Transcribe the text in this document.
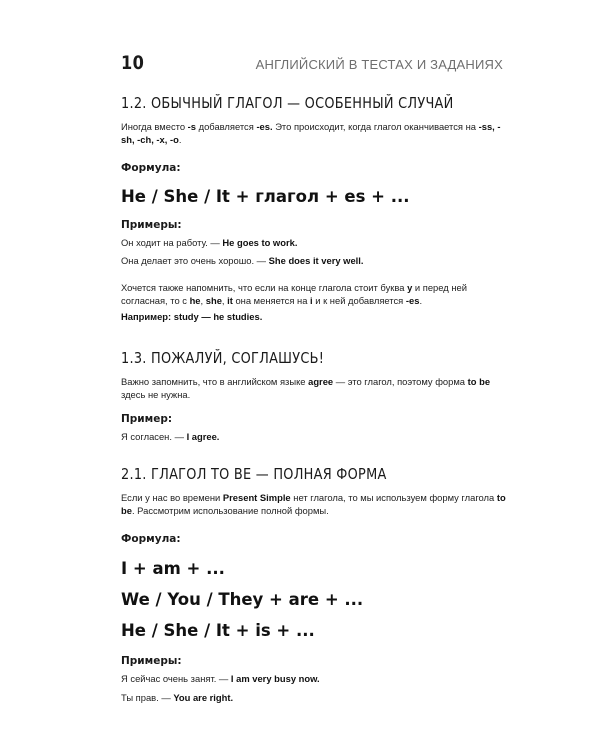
10	АНГЛИЙСКИЙ В ТЕСТАХ И ЗАДАНИЯХ
1.2. ОБЫЧНЫЙ ГЛАГОЛ — ОСОБЕННЫЙ СЛУЧАЙ

Иногда вместо -s добавляется -es. Это происходит, когда глагол оканчивается на -ss, -sh, -ch, -x, -o.

Формула:

He / She / It + глагол + es + ...

Примеры:

Он ходит на работу. — He goes to work.

Она делает это очень хорошо. — She does it very well.

Хочется также напомнить, что если на конце глагола стоит буква y и перед ней согласная, то с he, she, it она меняется на i и к ней добавляется -es.

Например: study — he studies.

1.3. ПОЖАЛУЙ, СОГЛАШУСЬ!

Важно запомнить, что в английском языке agree — это глагол, поэтому форма to be здесь не нужна.

Пример:

Я согласен. — I agree.

2.1. ГЛАГОЛ TO BE — ПОЛНАЯ ФОРМА

Если у нас во времени Present Simple нет глагола, то мы используем форму глагола to be. Рассмотрим использование полной формы.

Формула:

I + am + ...

We / You / They + are + ...

He / She / It + is + ...

Примеры:

Я сейчас очень занят. — I am very busy now.

Ты прав. — You are right.
